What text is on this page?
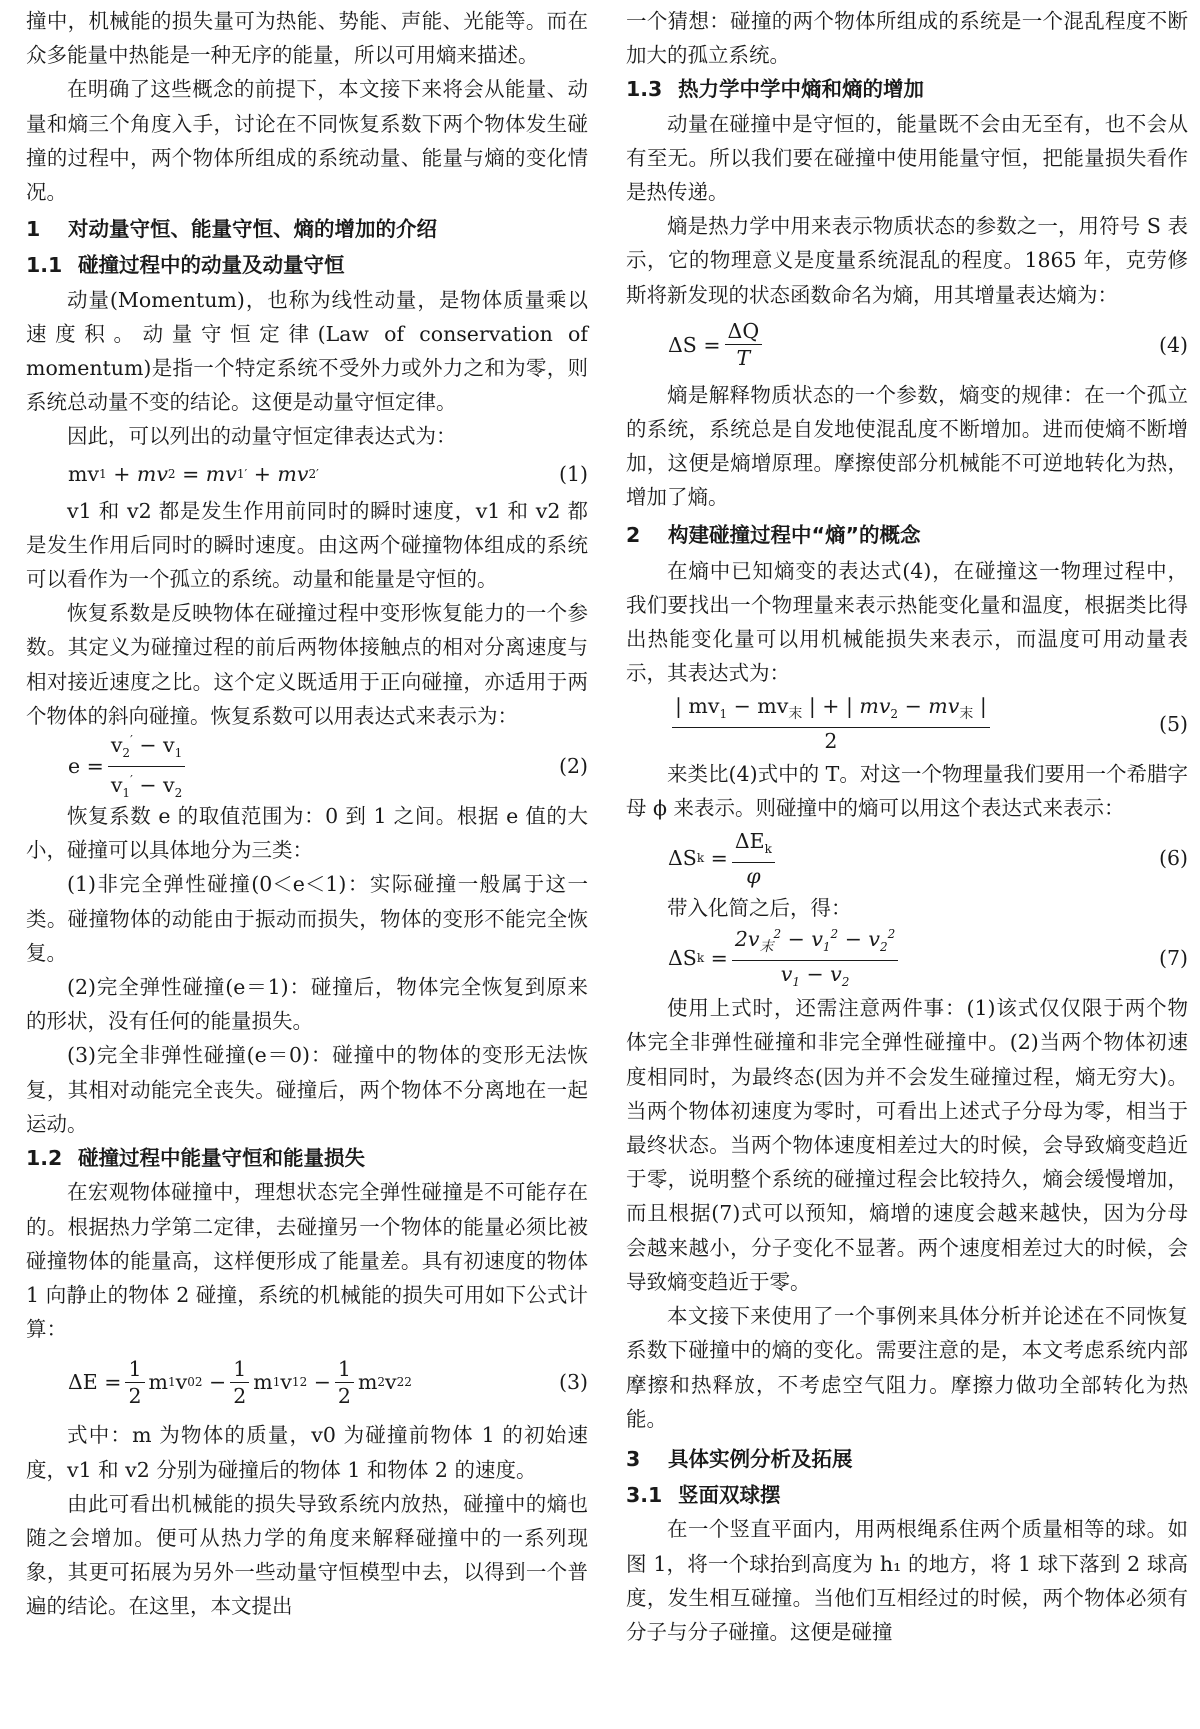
撞中，机械能的损失量可为热能、势能、声能、光能等。而在众多能量中热能是一种无序的能量，所以可用熵来描述。

在明确了这些概念的前提下，本文接下来将会从能量、动量和熵三个角度入手，讨论在不同恢复系数下两个物体发生碰撞的过程中，两个物体所组成的系统动量、能量与熵的变化情况。

1 对动量守恒、能量守恒、熵的增加的介绍
1.1 碰撞过程中的动量及动量守恒

动量(Momentum)，也称为线性动量，是物体质量乘以速度积。动量守恒定律(Law of conservation of momentum)是指一个特定系统不受外力或外力之和为零，则系统总动量不变的结论。这便是动量守恒定律。

因此，可以列出的动量守恒定律表达式为：

mv 1 + mv 2 = mv 1 ′ + mv 2 ′	(1)

v1 和 v2 都是发生作用前同时的瞬时速度，v1 和 v2 都是发生作用后同时的瞬时速度。由这两个碰撞物体组成的系统可以看作为一个孤立的系统。动量和能量是守恒的。

恢复系数是反映物体在碰撞过程中变形恢复能力的一个参数。其定义为碰撞过程的前后两物体接触点的相对分离速度与相对接近速度之比。这个定义既适用于正向碰撞，亦适用于两个物体的斜向碰撞。恢复系数可以用表达式来表示为：

$e = \frac{v_2' - v_1}{v_1' - v_2}$	(2)

恢复系数 e 的取值范围为：0 到 1 之间。根据 e 值的大小，碰撞可以具体地分为三类：

(1)非完全弹性碰撞(0＜e＜1)：实际碰撞一般属于这一类。碰撞物体的动能由于振动而损失，物体的变形不能完全恢复。

(2)完全弹性碰撞(e＝1)：碰撞后，物体完全恢复到原来的形状，没有任何的能量损失。

(3)完全非弹性碰撞(e＝0)：碰撞中的物体的变形无法恢复，其相对动能完全丧失。碰撞后，两个物体不分离地在一起运动。

1.2 碰撞过程中能量守恒和能量损失

在宏观物体碰撞中，理想状态完全弹性碰撞是不可能存在的。根据热力学第二定律，去碰撞另一个物体的能量必须比被碰撞物体的能量高，这样便形成了能量差。具有初速度的物体 1 向静止的物体 2 碰撞，系统的机械能的损失可用如下公式计算：

$\Delta E = \frac{1}{2}$ m 1 v 0 $2 - \frac{1}{2}$ m 1 v 1 $2 - \frac{1}{2}$ m 2 v 2 2	(3)

式中：m 为物体的质量，v0 为碰撞前物体 1 的初始速度，v1 和 v2 分别为碰撞后的物体 1 和物体 2 的速度。

由此可看出机械能的损失导致系统内放热，碰撞中的熵也随之会增加。便可从热力学的角度来解释碰撞中的一系列现象，其更可拓展为另外一些动量守恒模型中去，以得到一个普遍的结论。在这里，本文提出

一个猜想：碰撞的两个物体所组成的系统是一个混乱程度不断加大的孤立系统。

1.3 热力学中学中熵和熵的增加

动量在碰撞中是守恒的，能量既不会由无至有，也不会从有至无。所以我们要在碰撞中使用能量守恒，把能量损失看作是热传递。

熵是热力学中用来表示物质状态的参数之一，用符号 S 表示，它的物理意义是度量系统混乱的程度。1865 年，克劳修斯将新发现的状态函数命名为熵，用其增量表达熵为：

$\Delta S = \frac{\Delta Q}{T}$	(4)

熵是解释物质状态的一个参数，熵变的规律：在一个孤立的系统，系统总是自发地使混乱度不断增加。进而使熵不断增加，这便是熵增原理。摩擦使部分机械能不可逆地转化为热，增加了熵。

2 构建碰撞过程中“熵”的概念

在熵中已知熵变的表达式(4)，在碰撞这一物理过程中，我们要找出一个物理量来表示热能变化量和温度，根据类比得出热能变化量可以用机械能损失来表示，而温度可用动量表示，其表达式为：

$\frac{| mv_1 - mv_末 | + | mv_2 - mv_末 |}{2}$	(5)

来类比(4)式中的 T。对这一个物理量我们要用一个希腊字母 ϕ 来表示。则碰撞中的熵可以用这个表达式来表示：

ΔS $k = \frac{\Delta E_k}{\varphi}$	(6)

带入化简之后，得：

ΔS $k = \frac{2v_末^2 - v_1^2 - v_2^2}{v_1 - v_2}$	(7)

使用上式时，还需注意两件事：(1)该式仅仅限于两个物体完全非弹性碰撞和非完全弹性碰撞中。(2)当两个物体初速度相同时，为最终态(因为并不会发生碰撞过程，熵无穷大)。当两个物体初速度为零时，可看出上述式子分母为零，相当于最终状态。当两个物体速度相差过大的时候，会导致熵变趋近于零，说明整个系统的碰撞过程会比较持久，熵会缓慢增加，而且根据(7)式可以预知，熵增的速度会越来越快，因为分母会越来越小，分子变化不显著。两个速度相差过大的时候，会导致熵变趋近于零。

本文接下来使用了一个事例来具体分析并论述在不同恢复系数下碰撞中的熵的变化。需要注意的是，本文考虑系统内部摩擦和热释放，不考虑空气阻力。摩擦力做功全部转化为热能。

3 具体实例分析及拓展
3.1 竖面双球摆

在一个竖直平面内，用两根绳系住两个质量相等的球。如图 1，将一个球抬到高度为 h₁ 的地方，将 1 球下落到 2 球高度，发生相互碰撞。当他们互相经过的时候，两个物体必须有分子与分子碰撞。这便是碰撞
